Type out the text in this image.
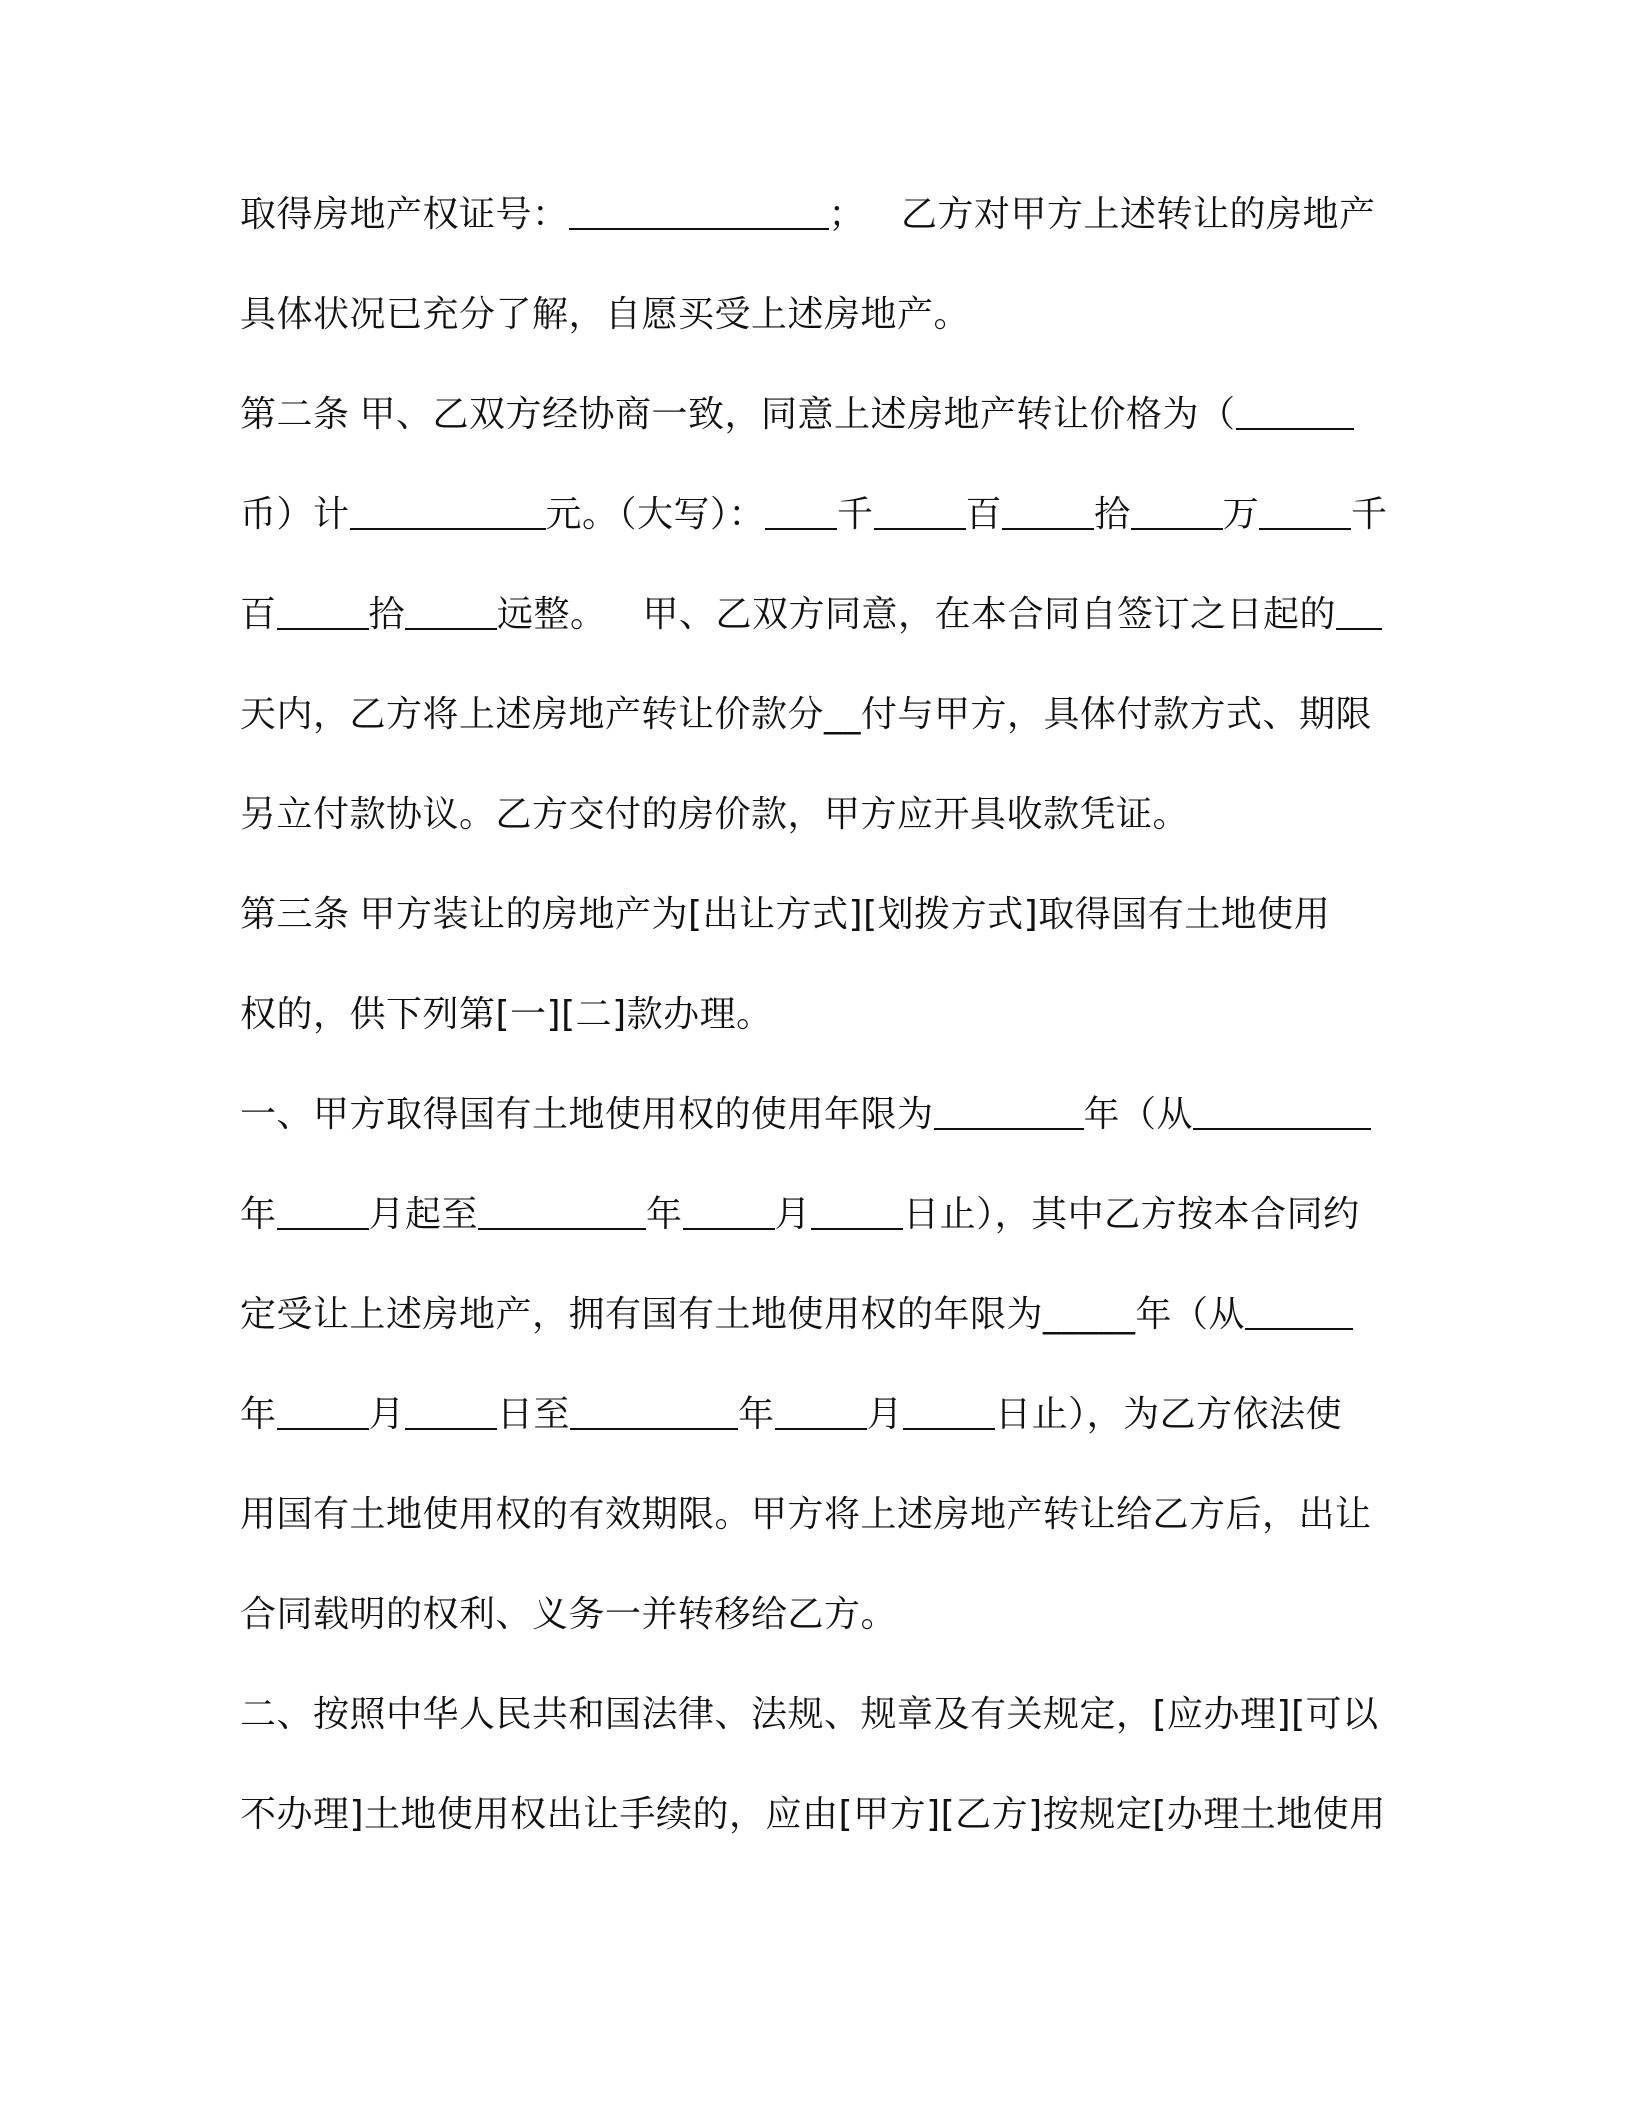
取得房地产权证号：	； 乙方对甲方上述转让的房地产
具体状况已充分了解，自愿买受上述房地产。
第二条 甲、乙双方经协商一致，同意上述房地产转让价格为（
币）计	元。（大写）： 千	百	拾	万	千
百	拾	远整。 甲、乙双方同意，在本合同自签订之日起的
天内，乙方将上述房地产转让价款分__付与甲方，具体付款方式、期限
另立付款协议。乙方交付的房价款，甲方应开具收款凭证。
第三条 甲方装让的房地产为[出让方式][划拨方式]取得国有土地使用
权的，供下列第[一][二]款办理。
一、甲方取得国有土地使用权的使用年限为	年（从
年	月起至	年	月	日止），其中乙方按本合同约
定受让上述房地产，拥有国有土地使用权的年限为_____年（从
年	月	日至	年	月	日止），为乙方依法使
用国有土地使用权的有效期限。甲方将上述房地产转让给乙方后，出让
合同载明的权利、义务一并转移给乙方。
二、按照中华人民共和国法律、法规、规章及有关规定，[应办理][可以
不办理]土地使用权出让手续的，应由[甲方][乙方]按规定[办理土地使用
